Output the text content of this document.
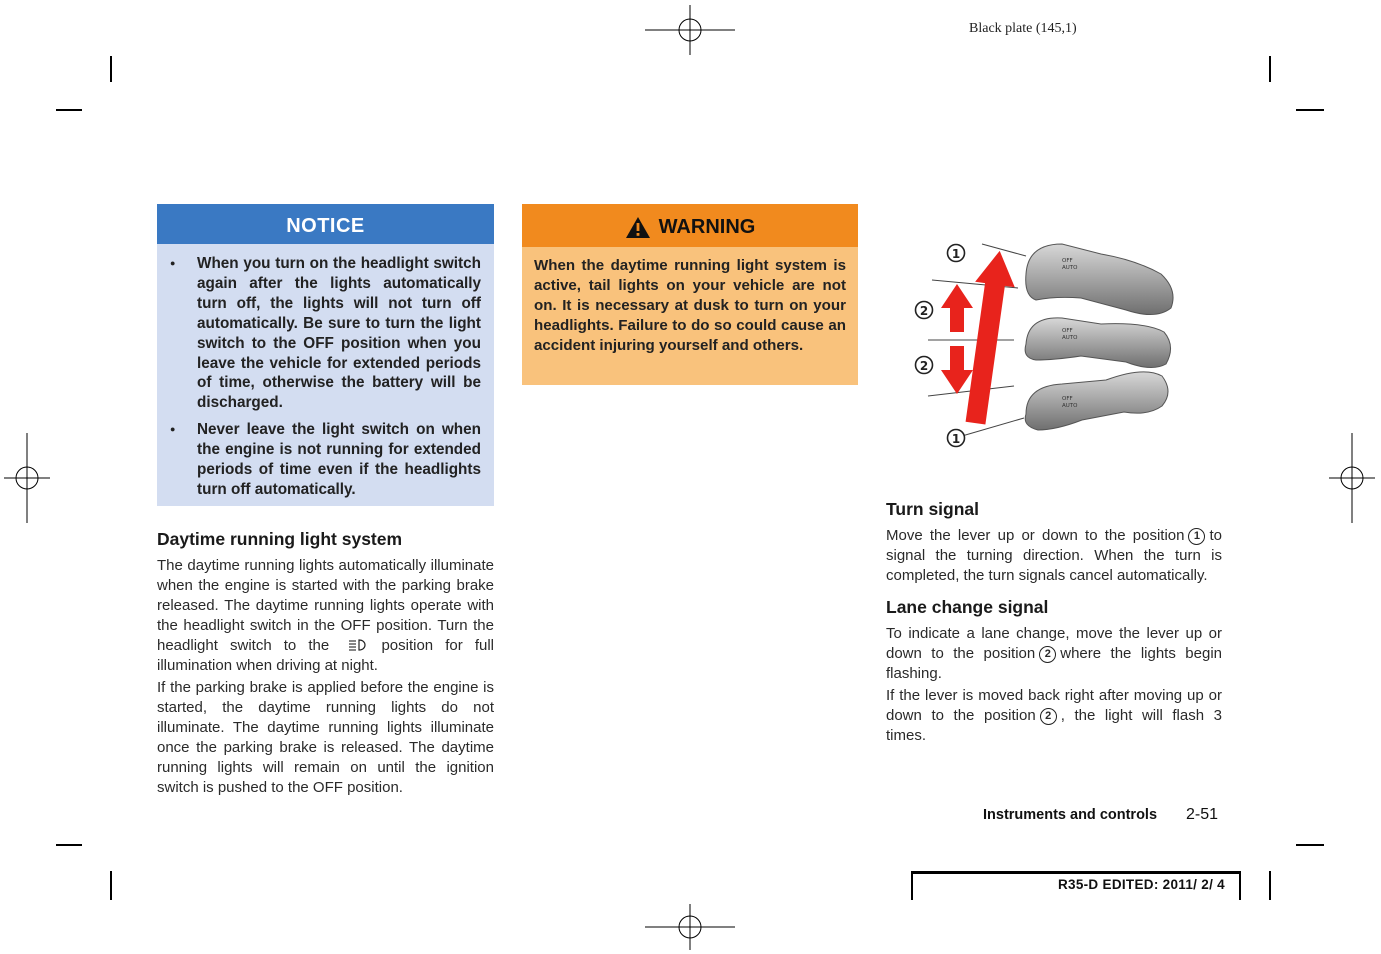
Black plate (145,1)
NOTICE
● When you turn on the headlight switch again after the lights automatically turn off, the lights will not turn off automatically. Be sure to turn the light switch to the OFF position when you leave the vehicle for extended periods of time, otherwise the battery will be discharged.
● Never leave the light switch on when the engine is not running for extended periods of time even if the headlights turn off automatically.
Daytime running light system

The daytime running lights automatically illuminate when the engine is started with the parking brake released. The daytime running lights operate with the headlight switch in the OFF position. Turn the headlight switch to the	position for full illumination when driving at night.

If the parking brake is applied before the engine is started, the daytime running lights do not illuminate. The daytime running lights illuminate once the parking brake is released. The daytime running lights will remain on until the ignition switch is pushed to the OFF position.

WARNING
When the daytime running light system is active, tail lights on your vehicle are not on. It is necessary at dusk to turn on your headlights. Failure to do so could cause an accident injuring yourself and others.
OFF
AUTO
OFF
AUTO
OFF
AUTO
1
2
2
1
Turn signal

Move the lever up or down to the position 1 to signal the turning direction. When the turn is completed, the turn signals cancel automatically.

Lane change signal

To indicate a lane change, move the lever up or down to the position 2 where the lights begin flashing.

If the lever is moved back right after moving up or down to the position 2 , the light will flash 3 times.

Instruments and controls 2-51
R35-D EDITED: 2011/ 2/ 4
